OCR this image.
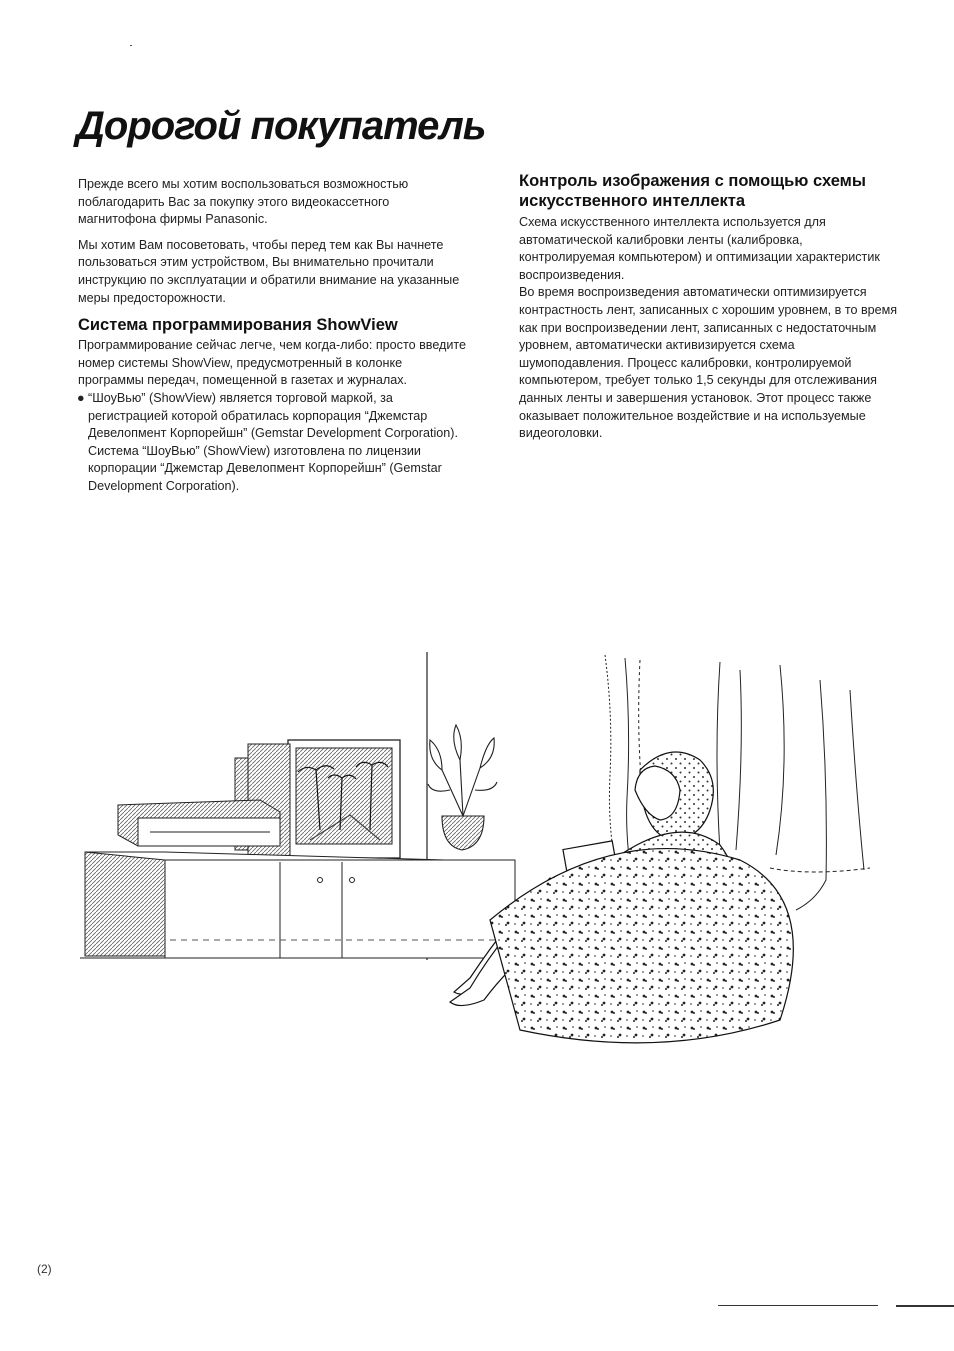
Дорогой покупатель

Прежде всего мы хотим воспользоваться возможностью поблагодарить Вас за покупку этого видеокассетного магнитофона фирмы Panasonic.

Мы хотим Вам посоветовать, чтобы перед тем как Вы начнете пользоваться этим устройством, Вы внимательно прочитали инструкцию по эксплуатации и обратили внимание на указанные меры предосторожности.

Система программирования ShowView

Программирование сейчас легче, чем когда-либо: просто введите номер системы ShowView, предусмотренный в колонке программы передач, помещенной в газетах и журналах.

● “ШоуВью” (ShowView) является торговой маркой, за регистрацией которой обратилась корпорация “Джемстар Девелопмент Корпорейшн” (Gemstar Development Corporation). Система “ШоуВью” (ShowView) изготовлена по лицензии корпорации “Джемстар Девелопмент Корпорейшн” (Gemstar Development Corporation).
Контроль изображения с помощью схемы искусственного интеллекта

Схема искусственного интеллекта используется для автоматической калибровки ленты (калибровка, контролируемая компьютером) и оптимизации характеристик воспроизведения.

Во время воспроизведения автоматически оптимизируется контрастность лент, записанных с хорошим уровнем, в то время как при воспроизведении лент, записанных с недостаточным уровнем, автоматически активизируется схема шумоподавления. Процесс калибровки, контролируемой компьютером, требует только 1,5 секунды для отслеживания данных ленты и завершения установок. Этот процесс также оказывает положительное воздействие и на используемые видеоголовки.

(2)
